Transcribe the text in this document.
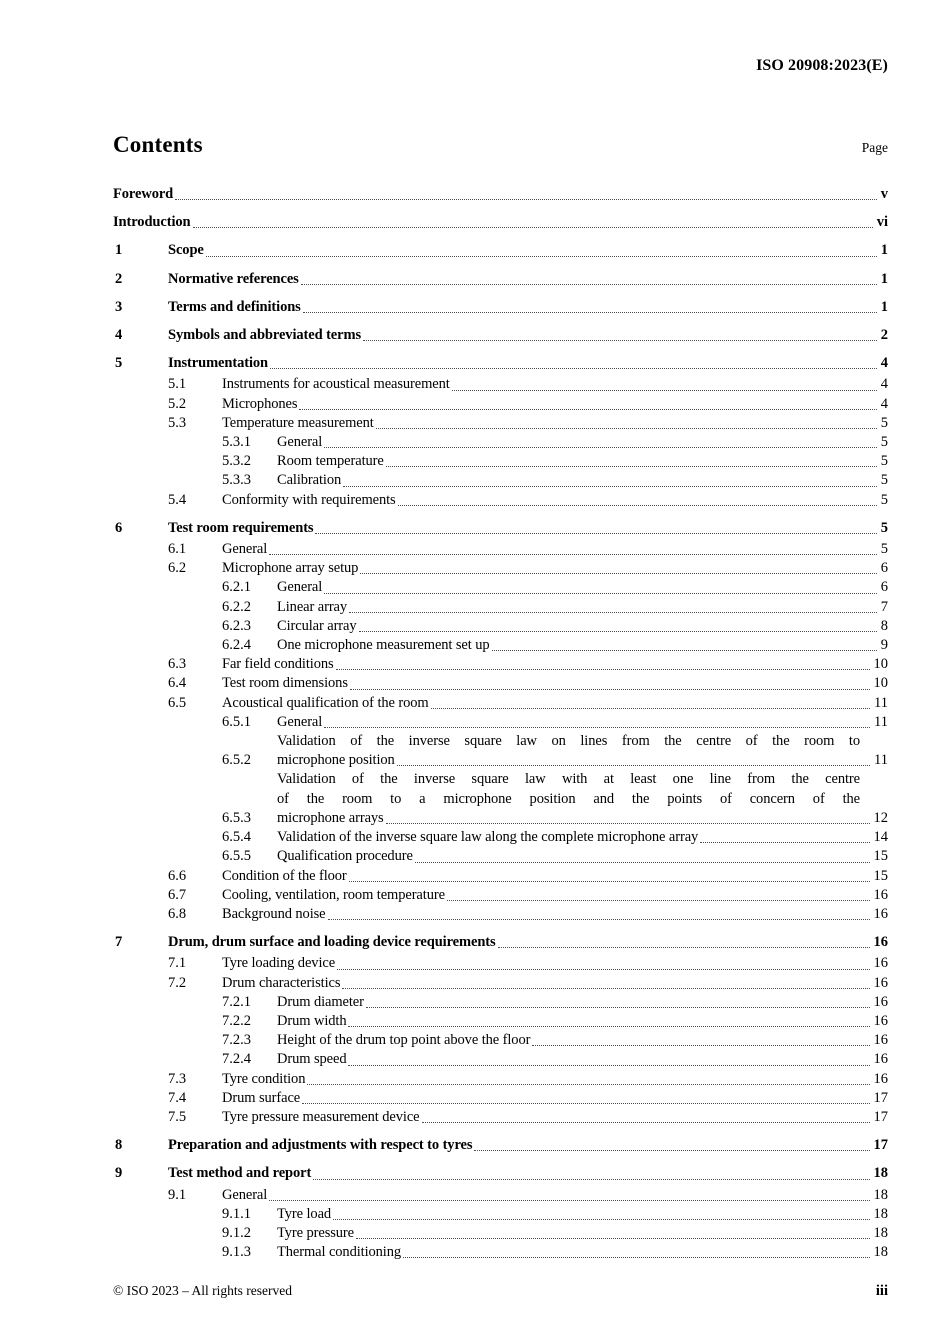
ISO 20908:2023(E)
Contents	Page
Foreword	v
Introduction	vi
1	Scope	1
2	Normative references	1
3	Terms and definitions	1
4	Symbols and abbreviated terms	2
5	Instrumentation	4
5.1	Instruments for acoustical measurement	4
5.2	Microphones	4
5.3	Temperature measurement	5
5.3.1	General	5
5.3.2	Room temperature	5
5.3.3	Calibration	5
5.4	Conformity with requirements	5
6	Test room requirements	5
6.1	General	5
6.2	Microphone array setup	6
6.2.1	General	6
6.2.2	Linear array	7
6.2.3	Circular array	8
6.2.4	One microphone measurement set up	9
6.3	Far field conditions	10
6.4	Test room dimensions	10
6.5	Acoustical qualification of the room	11
6.5.1	General	11
6.5.2
Validation of the inverse square law on lines from the centre of the room to
microphone position	11
6.5.3
Validation of the inverse square law with at least one line from the centre
of the room to a microphone position and the points of concern of the
microphone arrays	12
6.5.4	Validation of the inverse square law along the complete microphone array	14
6.5.5	Qualification procedure	15
6.6	Condition of the floor	15
6.7	Cooling, ventilation, room temperature	16
6.8	Background noise	16
7	Drum, drum surface and loading device requirements	16
7.1	Tyre loading device	16
7.2	Drum characteristics	16
7.2.1	Drum diameter	16
7.2.2	Drum width	16
7.2.3	Height of the drum top point above the floor	16
7.2.4	Drum speed	16
7.3	Tyre condition	16
7.4	Drum surface	17
7.5	Tyre pressure measurement device	17
8	Preparation and adjustments with respect to tyres	17
9	Test method and report	18
9.1	General	18
9.1.1	Tyre load	18
9.1.2	Tyre pressure	18
9.1.3	Thermal conditioning	18
© ISO 2023 – All rights reserved	iii
